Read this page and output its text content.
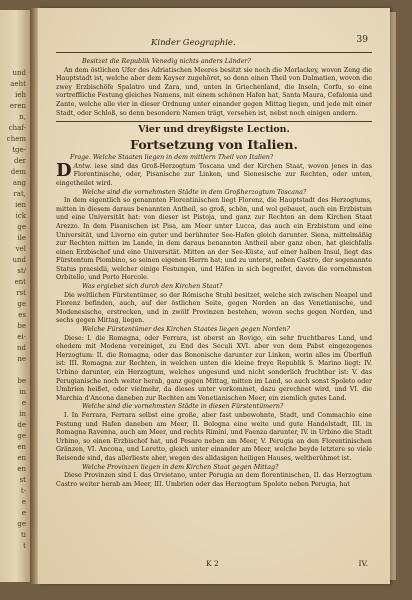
und
aeht
ieh
eren
n,
chaf-
chem
tge-
der
dem
ang
rat,
ien
ick
ge
ile
vel
und
st/
ent
rst
ge
es
be
ei-
nd
ne

be
in
e
in
de
ge
en
en
en
st
t-
e
e
ge
ti
t
Kinder Geographie.	39

Besitzet die Republik Venedig nichts anders Länder?

An dem östlichen Ufer des Adriatischen Meeres besitzt sie noch die Morlackey, wovon Zeng die Hauptstadt ist, welche aber dem Kayser zugehöret, so denn einen Theil von Dalmatien, wovon die zwey Erzbischöfe Spalatro und Zara, und, unten in Griechenland, die Inseln, Corfu, so eine vortreffliche Festung gleiches Namens, mit einem schönen Hafen hat, Santa Maura, Cefalonia und Zante, welche alle vier in dieser Ordnung unter einander gegen Mittag liegen, und jede mit einer Stadt, oder Schloß, so denn besondern Namen trägt, versehen ist, nebst noch einigen andern.

Vier und dreyßigste Lection.

Fortsetzung von Italien.

Frage. Welche Staaten liegen in dem mittlern Theil von Italien?

Antw.
D	iese sind das Groß-Herzogtum Toscana und der Kirchen Staat, wovon jenes in das Florentinische, oder, Pisanische zur Linken, und Sienesische zur Rechten, oder unten, eingetheilet wird.

Welche sind die vornehmsten Städte in dem Großherzogtum Toscana?

In dem eigentlich so genannten Florentinischen liegt Florenz, die Hauptstadt des Herzogtums, mitten in diesem daraus benannten Antheil, so groß, schön, und wol gebauet, auch ein Erzbistum und eine Universität hat: von dieser ist Pistoja, und ganz zur Rechten an dem Kirchen Staat Arezzo. In dem Pisanischen ist Pisa, am Meer unter Lucca, das auch ein Erzbistum und eine Universität, und Livorno ein guter und berühmter See-Hafen gleich darunter. Siena, mittelmäßig zur Rechten mitten im Lande, in dem daraus benannten Antheil aber ganz oben, hat gleichfalls einen Erzbischof und eine Universität. Mitten an der See-Küste, auf einer halben Insul, liegt das Fürstentum Piombino, so seinen eigenen Herrn hat; und zu unterst, neben Castro, der sogenannte Status praesidii, welcher einige Festungen, und Häfen in sich begreifet, davon die vornehmsten Orbitello, und Porto Hercole.

Was ergiebet sich durch den Kirchen Staat?

Die weltlichen Fürstentümer, so der Römische Stuhl besitzet, welche sich zwischen Neapel und Florenz befinden, auch, auf der östlichen Seite, gegen Norden an das Venetianische, und Modenesische, erstrecken, und in zwölf Provinzen bestehen, wovon sechs gegen Norden, und sechs gegen Mittag, liegen.

Welche Fürstentümer des Kirchen Staates liegen gegen Norden?

Diese: I. die Romagna, oder Ferrara, ist oberst an Rovigo, ein sehr fruchtbares Land, und ehedem mit Modena vereiniget, zu End des Seculi XVI. aber von dem Pabst eingezogenes Herzogtum: II. die Romagna, oder das Bononische darunter zur Linken, worin alles im Überfluß ist: III. Romagna zur Rechten, in welchen unten die kleine freye Republik S. Marino liegt: IV. Urbino darunter, ein Herzogtum, welches ungesund und nicht sonderlich fruchtbar ist: V. das Perugianische noch weiter herab, ganz gegen Mittag, mitten im Land, so auch sonst Spoleto oder Umbrien heißet, oder vielmehr, da dieses unter vorkommet, dazu gerechnet wird, und VI. die Marchia d'Ancona daneben zur Rechten am Venetianischen Meer, ein ziemlich gutes Land.

Welche sind die vornehmsten Städte in diesen Fürstentümern?

I. In Ferrara, Ferrara selbst eine große, aber fast unbewohnte, Stadt, und Commachio eine Festung und Hafen daneben am Meer, II. Bologna eine weite und gute Handelstadt, III. in Romagna Ravenna, auch am Meer, und rechts Rimini, und Faenza darunter, IV. in Urbino die Stadt Urbino, so einen Erzbischof hat, und Pesaro neben am Meer, V. Perugia an den Florentinischen Gränzen, VI. Ancona, und Loretto, gleich unter einander am Meer, welche beyde letztere so viele Reisende sind, das allerlieste aber, wegen des alldasigen heiligen Hauses, weltberühmet ist.

Welche Provinzen liegen in dem Kirchen Staat gegen Mittag?

Diese Provinzen sind I. das Orvietano, unter Perugia an dem florentinischen, II. das Herzogtum Castro weiter herab am Meer, III. Umbrien oder das Herzogtum Spoleto neben Perugia, hat

K 2	IV.
